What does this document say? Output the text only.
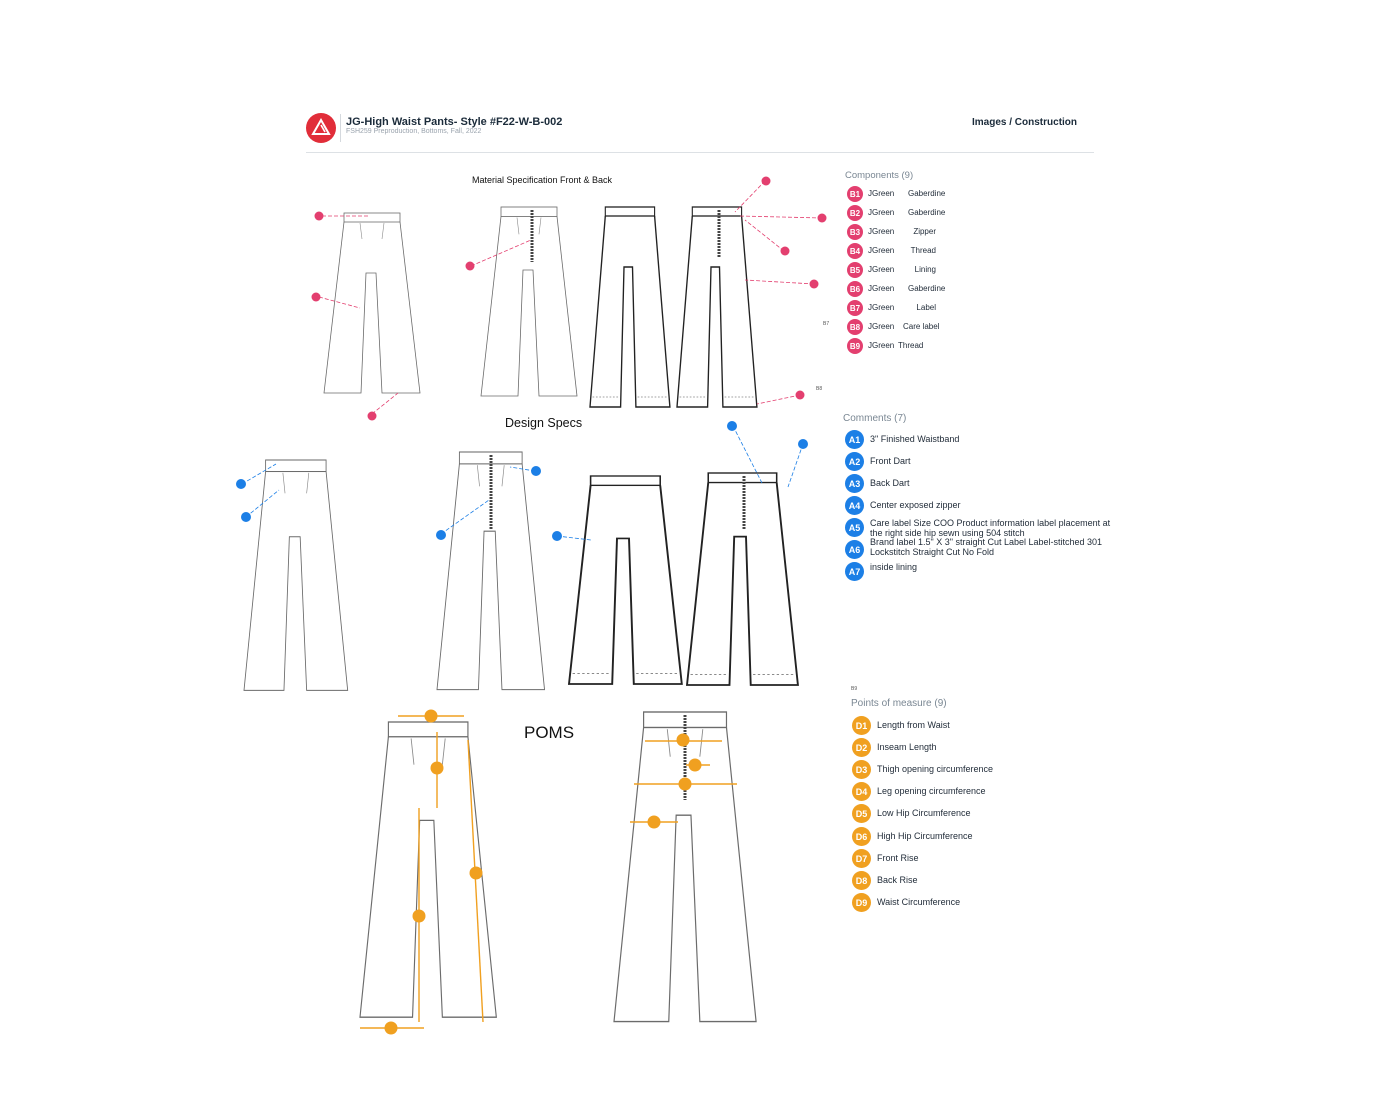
JG-High Waist Pants- Style #F22-W-B-002
FSH259 Preproduction, Bottoms, Fall, 2022
Images / Construction
Material Specification Front & Back
Design Specs
POMS
B7
B8
B9
Components (9)
B1 JGreen	Gaberdine
B2 JGreen	Gaberdine
B3 JGreen	Zipper
B4 JGreen	Thread
B5 JGreen	Lining
B6 JGreen	Gaberdine
B7 JGreen	Label
B8 JGreen	Care label
B9 JGreen Thread
Comments (7)
A1	3" Finished Waistband
A2	Front Dart
A3	Back Dart
A4	Center exposed zipper
A5	Care label Size COO Product information label placement at the right side hip sewn using 504 stitch
A6
Brand label 1.5" X 3" straight Cut Label Label-stitched 301 Lockstitch Straight Cut No Fold
A7	inside lining
Points of measure (9)
D1	Length from Waist
D2	Inseam Length
D3	Thigh opening circumference
D4	Leg opening circumference
D5	Low Hip Circumference
D6	High Hip Circumference
D7	Front Rise
D8	Back Rise
D9	Waist Circumference
